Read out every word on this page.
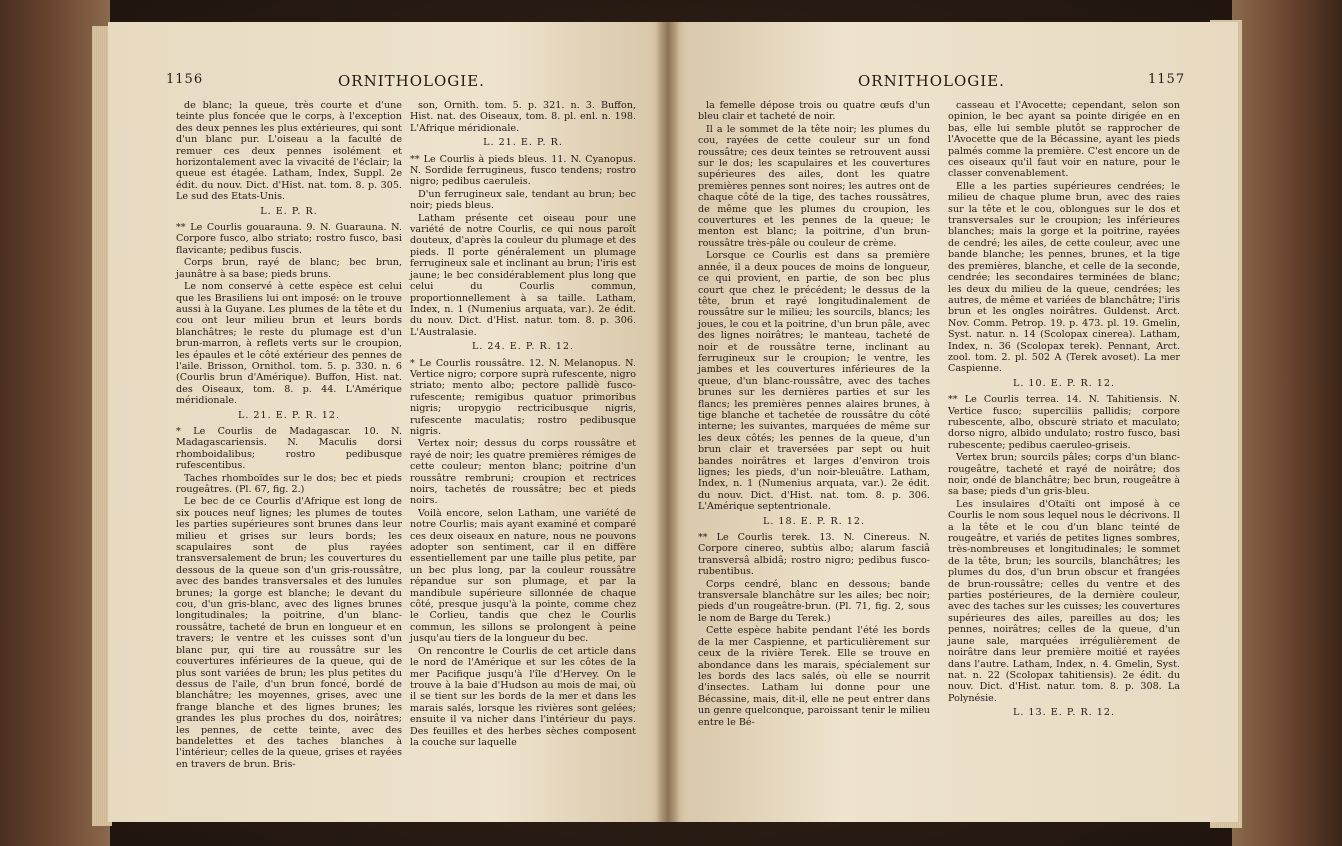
1156	ORNITHOLOGIE.

de blanc; la queue, très courte et d'une teinte plus foncée que le corps, à l'exception des deux pennes les plus extérieures, qui sont d'un blanc pur. L'oiseau a la faculté de remuer ces deux pennes isolément et horizontalement avec la vivacité de l'éclair; la queue est étagée. Latham, Index, Suppl. 2e édit. du nouv. Dict. d'Hist. nat. tom. 8. p. 305. Le sud des Etats-Unis.

L. E. P. R.

** Le Courlis gouarauna. 9. N. Guarauna. N. Corpore fusco, albo striato; rostro fusco, basi flavicante; pedibus fuscis.

Corps brun, rayé de blanc; bec brun, jaunâtre à sa base; pieds bruns.

Le nom conservé à cette espèce est celui que les Brasiliens lui ont imposé: on le trouve aussi à la Guyane. Les plumes de la tête et du cou ont leur milieu brun et leurs bords blanchâtres; le reste du plumage est d'un brun-marron, à reflets verts sur le croupion, les épaules et le côté extérieur des pennes de l'aile. Brisson, Ornithol. tom. 5. p. 330. n. 6 (Courlis brun d'Amérique). Buffon, Hist. nat. des Oiseaux, tom. 8. p. 44. L'Amérique méridionale.

L. 21. E. P. R. 12.

* Le Courlis de Madagascar. 10. N. Madagascariensis. N. Maculis dorsi rhomboidalibus; rostro pedibusque rufescentibus.

Taches rhomboïdes sur le dos; bec et pieds rougeâtres. (Pl. 67, fig. 2.)

Le bec de ce Courlis d'Afrique est long de six pouces neuf lignes; les plumes de toutes les parties supérieures sont brunes dans leur milieu et grises sur leurs bords; les scapulaires sont de plus rayées transversalement de brun; les couvertures du dessous de la queue son d'un gris-roussâtre, avec des bandes transversales et des lunules brunes; la gorge est blanche; le devant du cou, d'un gris-blanc, avec des lignes brunes longitudinales; la poitrine, d'un blanc-roussâtre, tacheté de brun en longueur et en travers; le ventre et les cuisses sont d'un blanc pur, qui tire au roussâtre sur les couvertures inférieures de la queue, qui de plus sont variées de brun; les plus petites du dessus de l'aile, d'un brun foncé, bordé de blanchâtre; les moyennes, grises, avec une frange blanche et des lignes brunes; les grandes les plus proches du dos, noirâtres; les pennes, de cette teinte, avec des bandelettes et des taches blanches à l'intérieur; celles de la queue, grises et rayées en travers de brun. Bris-

son, Ornith. tom. 5. p. 321. n. 3. Buffon, Hist. nat. des Oiseaux, tom. 8. pl. enl. n. 198. L'Afrique méridionale.

L. 21. E. P. R.

** Le Courlis à pieds bleus. 11. N. Cyanopus. N. Sordide ferrugineus, fusco tendens; rostro nigro; pedibus caeruleis.

D'un ferrugineux sale, tendant au brun; bec noir; pieds bleus.

Latham présente cet oiseau pour une variété de notre Courlis, ce qui nous paroît douteux, d'après la couleur du plumage et des pieds. Il porte généralement un plumage ferrugineux sale et inclinant au brun; l'iris est jaune; le bec considérablement plus long que celui du Courlis commun, proportionnellement à sa taille. Latham, Index, n. 1 (Numenius arquata, var.). 2e édit. du nouv. Dict. d'Hist. natur. tom. 8. p. 306. L'Australasie.

L. 24. E. P. R. 12.

* Le Courlis roussâtre. 12. N. Melanopus. N. Vertice nigro; corpore suprà rufescente, nigro striato; mento albo; pectore pallidè fusco-rufescente; remigibus quatuor primoribus nigris; uropygio rectricibusque nigris, rufescente maculatis; rostro pedibusque nigris.

Vertex noir; dessus du corps roussâtre et rayé de noir; les quatre premières rémiges de cette couleur; menton blanc; poitrine d'un roussâtre rembruni; croupion et rectrices noirs, tachetés de roussâtre; bec et pieds noirs.

Voilà encore, selon Latham, une variété de notre Courlis; mais ayant examiné et comparé ces deux oiseaux en nature, nous ne pouvons adopter son sentiment, car il en diffère essentiellement par une taille plus petite, par un bec plus long, par la couleur roussâtre répandue sur son plumage, et par la mandibule supérieure sillonnée de chaque côté, presque jusqu'à la pointe, comme chez le Corlieu, tandis que chez le Courlis commun, les sillons se prolongent à peine jusqu'au tiers de la longueur du bec.

On rencontre le Courlis de cet article dans le nord de l'Amérique et sur les côtes de la mer Pacifique jusqu'à l'île d'Hervey. On le trouve à la baie d'Hudson au mois de mai, où il se tient sur les bords de la mer et dans les marais salés, lorsque les rivières sont gelées; ensuite il va nicher dans l'intérieur du pays. Des feuilles et des herbes sèches composent la couche sur laquelle

ORNITHOLOGIE.	1157

la femelle dépose trois ou quatre œufs d'un bleu clair et tacheté de noir.

Il a le sommet de la tête noir; les plumes du cou, rayées de cette couleur sur un fond roussâtre; ces deux teintes se retrouvent aussi sur le dos; les scapulaires et les couvertures supérieures des ailes, dont les quatre premières pennes sont noires; les autres ont de chaque côté de la tige, des taches roussâtres, de même que les plumes du croupion, les couvertures et les pennes de la queue; le menton est blanc; la poitrine, d'un brun-roussâtre très-pâle ou couleur de crème.

Lorsque ce Courlis est dans sa première année, il a deux pouces de moins de longueur, ce qui provient, en partie, de son bec plus court que chez le précédent; le dessus de la tête, brun et rayé longitudinalement de roussâtre sur le milieu; les sourcils, blancs; les joues, le cou et la poitrine, d'un brun pâle, avec des lignes noirâtres; le manteau, tacheté de noir et de roussâtre terne, inclinant au ferrugineux sur le croupion; le ventre, les jambes et les couvertures inférieures de la queue, d'un blanc-roussâtre, avec des taches brunes sur les dernières parties et sur les flancs; les premières pennes alaires brunes, à tige blanche et tachetée de roussâtre du côté interne; les suivantes, marquées de même sur les deux côtés; les pennes de la queue, d'un brun clair et traversées par sept ou huit bandes noirâtres et larges d'environ trois lignes; les pieds, d'un noir-bleuâtre. Latham, Index, n. 1 (Numenius arquata, var.). 2e édit. du nouv. Dict. d'Hist. nat. tom. 8. p. 306. L'Amérique septentrionale.

L. 18. E. P. R. 12.

** Le Courlis terek. 13. N. Cinereus. N. Corpore cinereo, subtùs albo; alarum fasciâ transversâ albidâ; rostro nigro; pedibus fusco-rubentibus.

Corps cendré, blanc en dessous; bande transversale blanchâtre sur les ailes; bec noir; pieds d'un rougeâtre-brun. (Pl. 71, fig. 2, sous le nom de Barge du Terek.)

Cette espèce habite pendant l'été les bords de la mer Caspienne, et particulièrement sur ceux de la rivière Terek. Elle se trouve en abondance dans les marais, spécialement sur les bords des lacs salés, où elle se nourrit d'insectes. Latham lui donne pour une Bécassine, mais, dit-il, elle ne peut entrer dans un genre quelconque, paroissant tenir le milieu entre le Bé-

casseau et l'Avocette; cependant, selon son opinion, le bec ayant sa pointe dirigée en en bas, elle lui semble plutôt se rapprocher de l'Avocette que de la Bécassine, ayant les pieds palmés comme la première. C'est encore un de ces oiseaux qu'il faut voir en nature, pour le classer convenablement.

Elle a les parties supérieures cendrées; le milieu de chaque plume brun, avec des raies sur la tête et le cou, oblongues sur le dos et transversales sur le croupion; les inférieures blanches; mais la gorge et la poitrine, rayées de cendré; les ailes, de cette couleur, avec une bande blanche; les pennes, brunes, et la tige des premières, blanche, et celle de la seconde, cendrée; les secondaires terminées de blanc; les deux du milieu de la queue, cendrées; les autres, de même et variées de blanchâtre; l'iris brun et les ongles noirâtres. Guldenst. Arct. Nov. Comm. Petrop. 19. p. 473. pl. 19. Gmelin, Syst. natur. n. 14 (Scolopax cinerea). Latham, Index, n. 36 (Scolopax terek). Pennant, Arct. zool. tom. 2. pl. 502 A (Terek avoset). La mer Caspienne.

L. 10. E. P. R. 12.

** Le Courlis terrea. 14. N. Tahitiensis. N. Vertice fusco; superciliis pallidis; corpore rubescente, albo, obscurè striato et maculato; dorso nigro, albido undulato; rostro fusco, basi rubescente; pedibus caeruleo-griseis.

Vertex brun; sourcils pâles; corps d'un blanc-rougeâtre, tacheté et rayé de noirâtre; dos noir, ondé de blanchâtre; bec brun, rougeâtre à sa base; pieds d'un gris-bleu.

Les insulaires d'Otaïti ont imposé à ce Courlis le nom sous lequel nous le décrivons. Il a la tête et le cou d'un blanc teinté de rougeâtre, et variés de petites lignes sombres, très-nombreuses et longitudinales; le sommet de la tête, brun; les sourcils, blanchâtres; les plumes du dos, d'un brun obscur et frangées de brun-roussâtre; celles du ventre et des parties postérieures, de la dernière couleur, avec des taches sur les cuisses; les couvertures supérieures des ailes, pareilles au dos; les pennes, noirâtres; celles de la queue, d'un jaune sale, marquées irrégulièrement de noirâtre dans leur première moitié et rayées dans l'autre. Latham, Index, n. 4. Gmelin, Syst. nat. n. 22 (Scolopax tahitiensis). 2e édit. du nouv. Dict. d'Hist. natur. tom. 8. p. 308. La Polynésie.

L. 13. E. P. R. 12.
